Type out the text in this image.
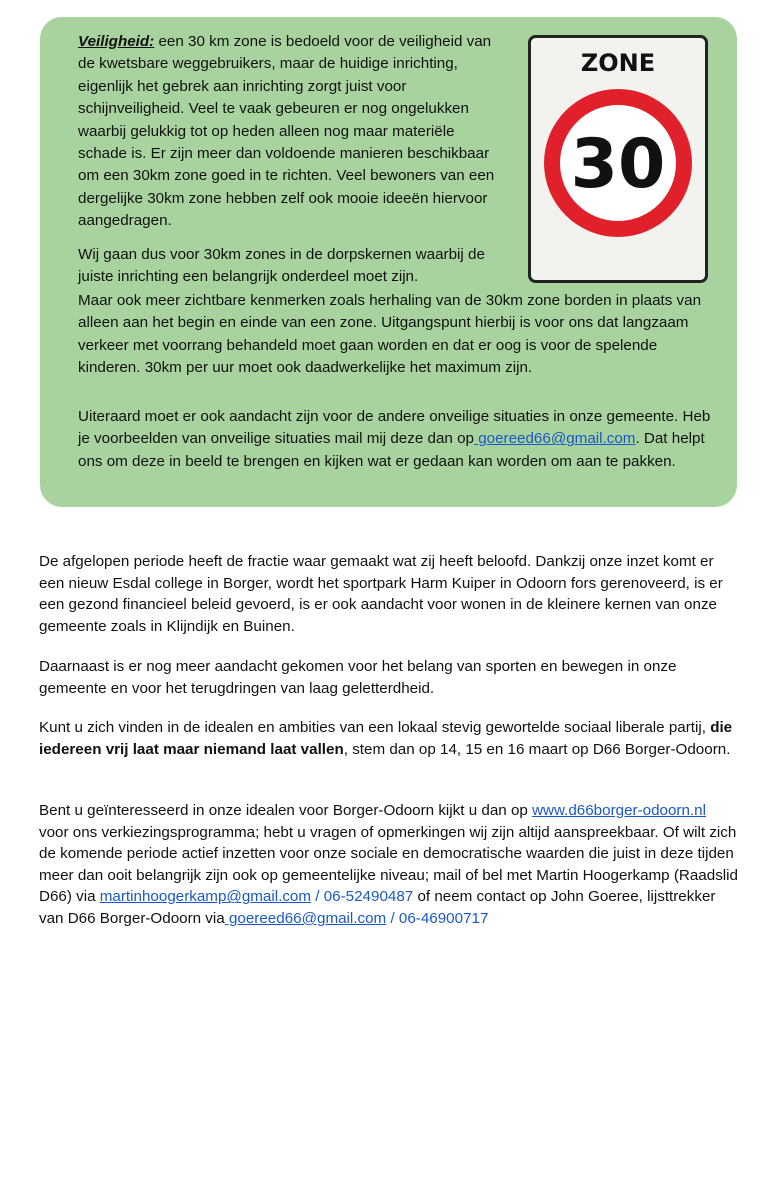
Veiligheid: een 30 km zone is bedoeld voor de veiligheid van de kwetsbare weggebruikers, maar de huidige inrichting, eigenlijk het gebrek aan inrichting zorgt juist voor schijnveiligheid. Veel te vaak gebeuren er nog ongelukken waarbij gelukkig tot op heden alleen nog maar materiële schade is. Er zijn meer dan voldoende manieren beschikbaar om een 30km zone goed in te richten. Veel bewoners van een dergelijke 30km zone hebben zelf ook mooie ideeën hiervoor aangedragen.

ZONE
30

Wij gaan dus voor 30km zones in de dorpskernen waarbij de juiste inrichting een belangrijk onderdeel moet zijn.

Maar ook meer zichtbare kenmerken zoals herhaling van de 30km zone borden in plaats van alleen aan het begin en einde van een zone. Uitgangspunt hierbij is voor ons dat langzaam verkeer met voorrang behandeld moet gaan worden en dat er oog is voor de spelende kinderen. 30km per uur moet ook daadwerkelijke het maximum zijn.

Uiteraard moet er ook aandacht zijn voor de andere onveilige situaties in onze gemeente. Heb je voorbeelden van onveilige situaties mail mij deze dan op goereed66@gmail.com. Dat helpt ons om deze in beeld te brengen en kijken wat er gedaan kan worden om aan te pakken.

De afgelopen periode heeft de fractie waar gemaakt wat zij heeft beloofd. Dankzij onze inzet komt er een nieuw Esdal college in Borger, wordt het sportpark Harm Kuiper in Odoorn fors gerenoveerd, is er een gezond financieel beleid gevoerd, is er ook aandacht voor wonen in de kleinere kernen van onze gemeente zoals in Klijndijk en Buinen.

Daarnaast is er nog meer aandacht gekomen voor het belang van sporten en bewegen in onze gemeente en voor het terugdringen van laag geletterdheid.

Kunt u zich vinden in de idealen en ambities van een lokaal stevig gewortelde sociaal liberale partij, die iedereen vrij laat maar niemand laat vallen, stem dan op 14, 15 en 16 maart op D66 Borger-Odoorn.

Bent u geïnteresseerd in onze idealen voor Borger-Odoorn kijkt u dan op www.d66borger-odoorn.nl voor ons verkiezingsprogramma; hebt u vragen of opmerkingen wij zijn altijd aanspreekbaar. Of wilt zich de komende periode actief inzetten voor onze sociale en democratische waarden die juist in deze tijden meer dan ooit belangrijk zijn ook op gemeentelijke niveau; mail of bel met Martin Hoogerkamp (Raadslid D66) via martinhoogerkamp@gmail.com / 06-52490487 of neem contact op John Goeree, lijsttrekker van D66 Borger-Odoorn via goereed66@gmail.com / 06-46900717
